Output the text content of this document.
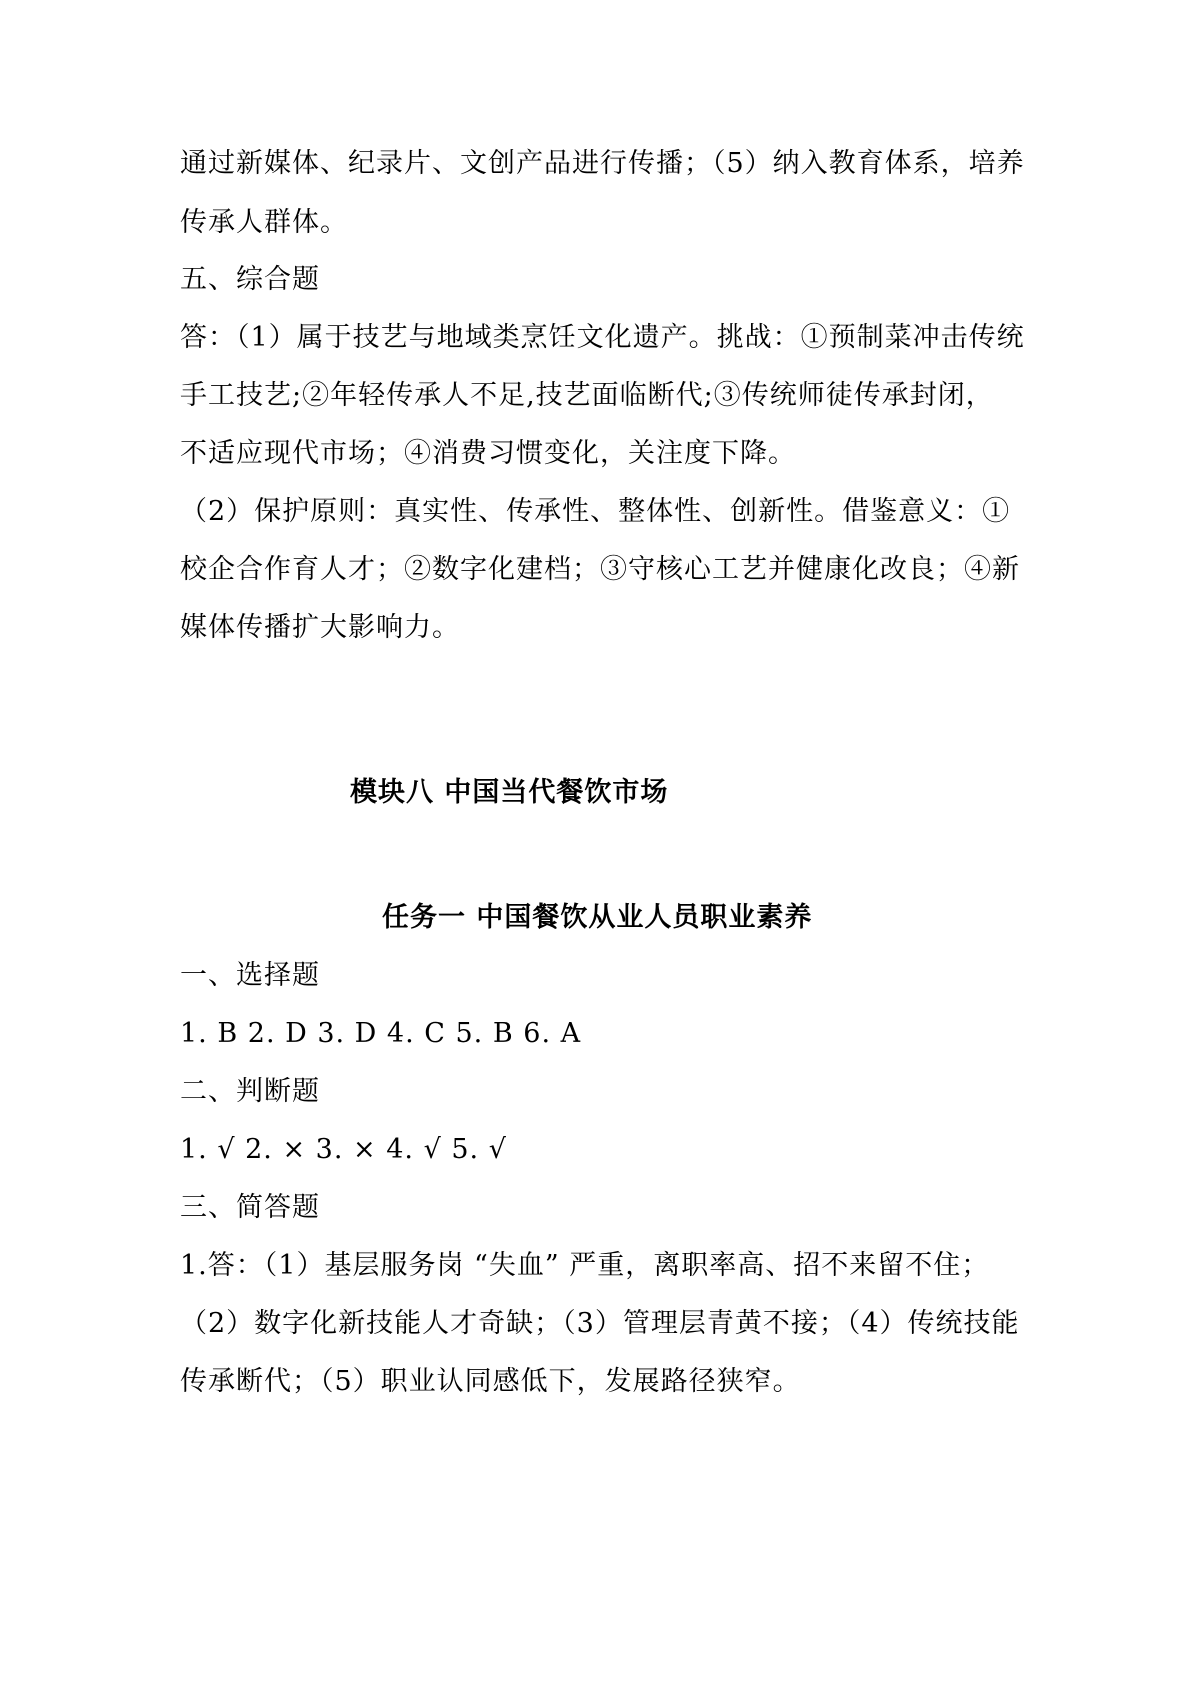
通过新媒体、纪录片、文创产品进行传播；（5）纳入教育体系，培养

传承人群体。

五、综合题

答：（1）属于技艺与地域类烹饪文化遗产。挑战：①预制菜冲击传统

手工技艺;②年轻传承人不足,技艺面临断代;③传统师徒传承封闭，

不适应现代市场；④消费习惯变化，关注度下降。

（2）保护原则：真实性、传承性、整体性、创新性。借鉴意义：①

校企合作育人才；②数字化建档；③守核心工艺并健康化改良；④新

媒体传播扩大影响力。

模块八 中国当代餐饮市场
任务一 中国餐饮从业人员职业素养

一、选择题

1. B 2. D 3. D 4. C 5. B 6. A

二、判断题

1. √ 2. × 3. × 4. √ 5. √

三、简答题

1.答：（1）基层服务岗 “失血” 严重，离职率高、招不来留不住；

（2）数字化新技能人才奇缺；（3）管理层青黄不接；（4）传统技能

传承断代；（5）职业认同感低下，发展路径狭窄。
